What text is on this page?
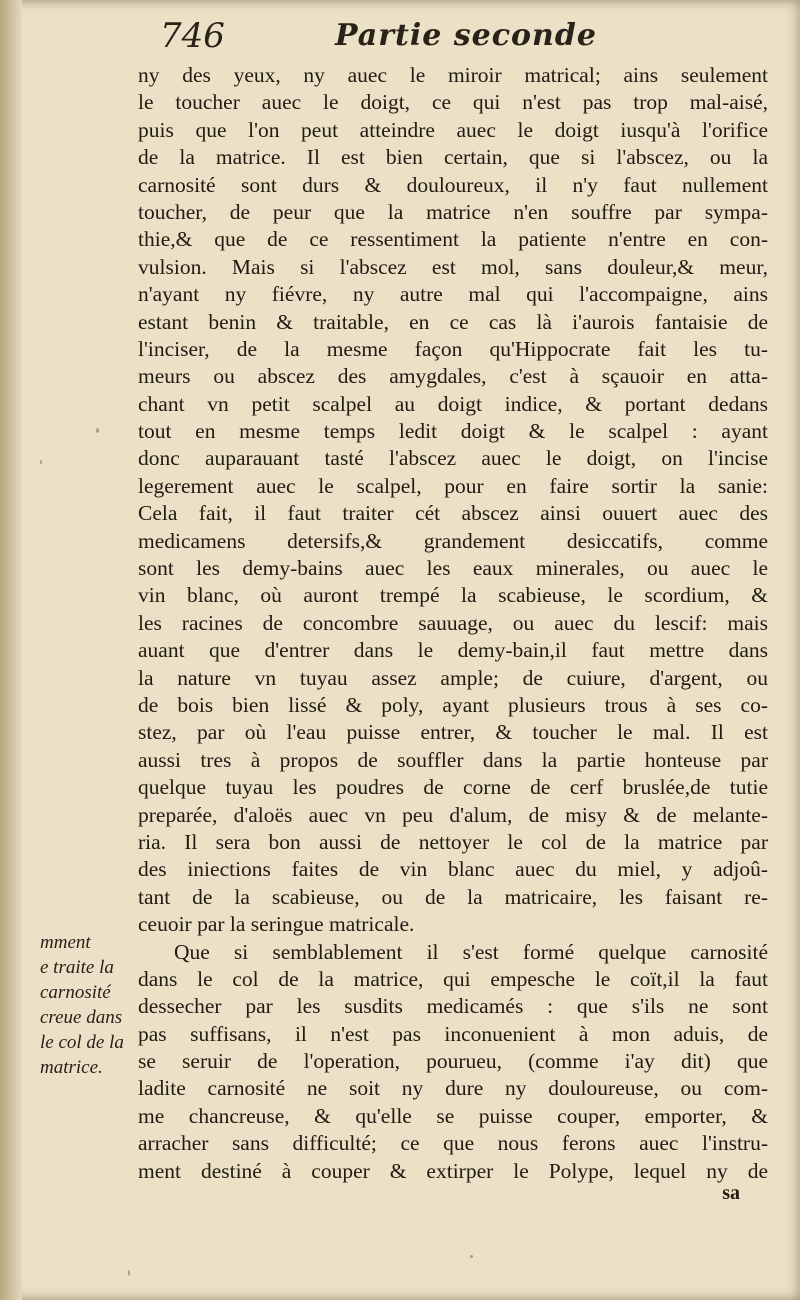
746	Partie seconde
ny des yeux, ny auec le miroir matrical; ains seulement
le toucher auec le doigt, ce qui n'est pas trop mal-aisé,
puis que l'on peut atteindre auec le doigt iusqu'à l'orifice
de la matrice. Il est bien certain, que si l'abscez, ou la
carnosité sont durs & douloureux, il n'y faut nullement
toucher, de peur que la matrice n'en souffre par sympa-
thie,& que de ce ressentiment la patiente n'entre en con-
vulsion. Mais si l'abscez est mol, sans douleur,& meur,
n'ayant ny fiévre, ny autre mal qui l'accompaigne, ains
estant benin & traitable, en ce cas là i'aurois fantaisie de
l'inciser, de la mesme façon qu'Hippocrate fait les tu-
meurs ou abscez des amygdales, c'est à sçauoir en atta-
chant vn petit scalpel au doigt indice, & portant dedans
tout en mesme temps ledit doigt & le scalpel : ayant
donc auparauant tasté l'abscez auec le doigt, on l'incise
legerement auec le scalpel, pour en faire sortir la sanie:
Cela fait, il faut traiter cét abscez ainsi ouuert auec des
medicamens detersifs,& grandement desiccatifs, comme
sont les demy-bains auec les eaux minerales, ou auec le
vin blanc, où auront trempé la scabieuse, le scordium, &
les racines de concombre sauuage, ou auec du lescif: mais
auant que d'entrer dans le demy-bain,il faut mettre dans
la nature vn tuyau assez ample; de cuiure, d'argent, ou
de bois bien lissé & poly, ayant plusieurs trous à ses co-
stez, par où l'eau puisse entrer, & toucher le mal. Il est
aussi tres à propos de souffler dans la partie honteuse par
quelque tuyau les poudres de corne de cerf bruslée,de tutie
preparée, d'aloës auec vn peu d'alum, de misy & de melante-
ria. Il sera bon aussi de nettoyer le col de la matrice par
des iniections faites de vin blanc auec du miel, y adjoû-
tant de la scabieuse, ou de la matricaire, les faisant re-
ceuoir par la seringue matricale.
Que si semblablement il s'est formé quelque carnosité
dans le col de la matrice, qui empesche le coït,il la faut
dessecher par les susdits medicamés : que s'ils ne sont
pas suffisans, il n'est pas inconuenient à mon aduis, de
se seruir de l'operation, pourueu, (comme i'ay dit) que
ladite carnosité ne soit ny dure ny douloureuse, ou com-
me chancreuse, & qu'elle se puisse couper, emporter, &
arracher sans difficulté; ce que nous ferons auec l'instru-
ment destiné à couper & extirper le Polype, lequel ny de
mment
e traite la
carnosité
creue dans
le col de la
matrice.
sa
